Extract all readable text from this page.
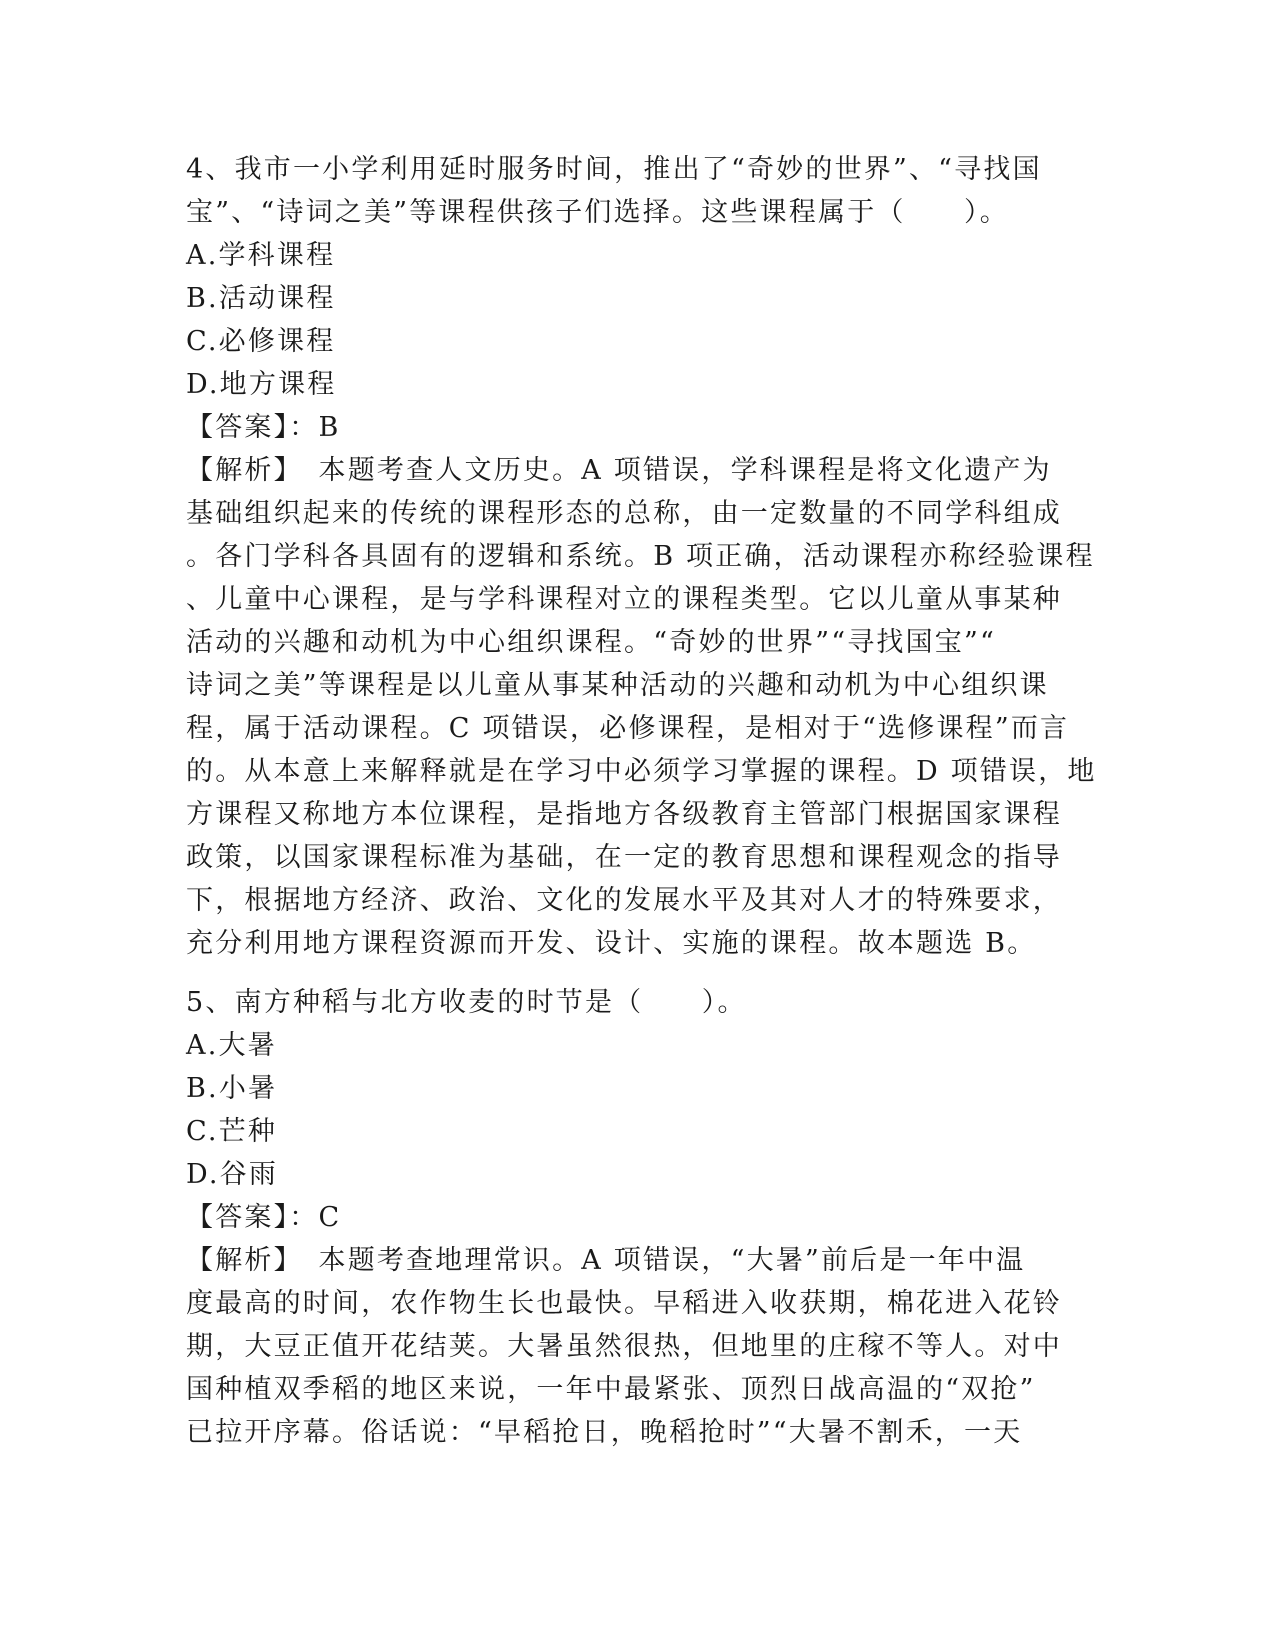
4、我市一小学利用延时服务时间，推出了“奇妙的世界”、“寻找国
宝”、“诗词之美”等课程供孩子们选择。这些课程属于（　　）。
A.学科课程
B.活动课程
C.必修课程
D.地方课程
【答案】：B
【解析】　本题考查人文历史。A 项错误，学科课程是将文化遗产为
基础组织起来的传统的课程形态的总称，由一定数量的不同学科组成
。各门学科各具固有的逻辑和系统。B 项正确，活动课程亦称经验课程
、儿童中心课程，是与学科课程对立的课程类型。它以儿童从事某种
活动的兴趣和动机为中心组织课程。“奇妙的世界”“寻找国宝”“
诗词之美”等课程是以儿童从事某种活动的兴趣和动机为中心组织课
程，属于活动课程。C 项错误，必修课程，是相对于“选修课程”而言
的。从本意上来解释就是在学习中必须学习掌握的课程。D 项错误，地
方课程又称地方本位课程，是指地方各级教育主管部门根据国家课程
政策，以国家课程标准为基础，在一定的教育思想和课程观念的指导
下，根据地方经济、政治、文化的发展水平及其对人才的特殊要求，
充分利用地方课程资源而开发、设计、实施的课程。故本题选 B。
5、南方种稻与北方收麦的时节是（　　）。
A.大暑
B.小暑
C.芒种
D.谷雨
【答案】：C
【解析】　本题考查地理常识。A 项错误，“大暑”前后是一年中温
度最高的时间，农作物生长也最快。早稻进入收获期，棉花进入花铃
期，大豆正值开花结荚。大暑虽然很热，但地里的庄稼不等人。对中
国种植双季稻的地区来说，一年中最紧张、顶烈日战高温的“双抢”
已拉开序幕。俗话说：“早稻抢日，晚稻抢时”“大暑不割禾，一天
